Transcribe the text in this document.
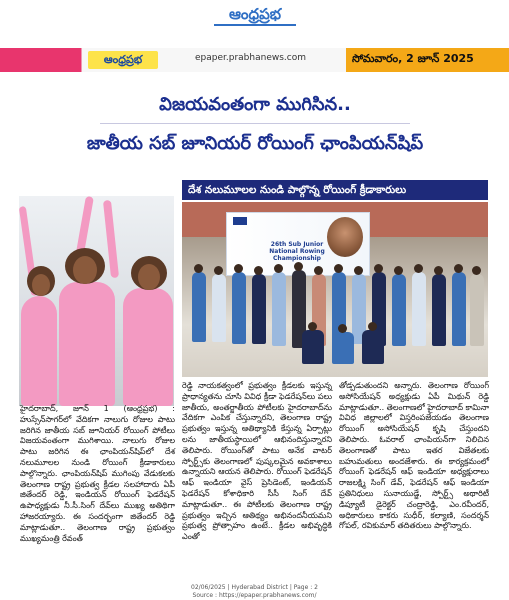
ఆంధ్రప్రభ
ఆంధ్రప్రభ	epaper.prabhanews.com	సోమవారం, 2 జూన్ 2025
విజయవంతంగా ముగిసిన..
జాతీయ సబ్ జూనియర్ రోయింగ్ ఛాంపియన్‌షిప్
దేశ నలుమూలల నుండి పాల్గొన్న రోయింగ్ క్రీడాకారులు
26th Sub Junior National Rowing Championship
హైదరాబాద్, జూన్ 1 (ఆంధ్రప్రభ) : హుస్సేన్‌సాగర్‌లో వేదికగా నాలుగు రోజుల పాటు జరిగిన జాతీయ సబ్ జూనియర్ రోయింగ్ పోటీలు విజయవంతంగా ముగిశాయి. నాలుగు రోజుల పాటు జరిగిన ఈ ఛాంపియన్‌షిప్‌లో దేశ నలుమూలల నుండి రోయింగ్ క్రీడాకారులు పాల్గొన్నారు. ఛాంపియన్‌షిప్ ముగింపు వేడుకలకు తెలంగాణ రాష్ట్ర ప్రభుత్వ క్రీడల సలహాదారు ఏపీ జితేందర్ రెడ్డి, ఇండియన్ రోయింగ్ ఫెడరేషన్ ఉపాధ్యక్షుడు నీ.సీ.సింగ్ దేవ్‌లు ముఖ్య అతిథిగా హాజరయ్యారు. ఈ సందర్భంగా జితేందర్ రెడ్డి మాట్లాడుతూ.. తెలంగాణ రాష్ట్ర ప్రభుత్వం ముఖ్యమంత్రి రేవంత్
రెడ్డి నాయకత్వంలో ప్రభుత్వం క్రీడలకు ఇస్తున్న ప్రాధాన్యతను చూసి వివిధ క్రీడా ఫెడరేషన్‌లు పలు జాతీయ, అంతర్జాతీయ పోటీలకు హైదరాబాద్‌ను వేదికగా ఎంపిక చేస్తున్నారని, తెలంగాణ రాష్ట్ర ప్రభుత్వం ఇస్తున్న ఆతిథ్యానికి కేస్తున్న ఏర్పాట్లు లను జాతీయస్థాయిలో ఆభినందిస్తున్నారని తెలిపారు. రోయింగ్‌తో పాటు అనేక వాటర్ స్పోర్ట్స్‌కు తెలంగాణలో పుష్కలమైన అవకాశాలు ఉన్నాయని ఆయన తెలిపారు. రోయింగ్ ఫెడరేషన్ ఆఫ్ ఇండియా వైస్ ప్రెసిడెంట్, ఇండియన్ ఫెడరేషన్ కోశాధికారి సీసీ సింగ్ దేవ్ మాట్లాడుతూ.. ఈ పోటీలకు తెలంగాణ రాష్ట్ర ప్రభుత్వం ఇచ్చిన ఆతిథ్యం అభినందనీయమని ప్రభుత్వ ప్రోత్సాహం ఉంటే.. క్రీడల అభివృద్ధికి ఎంతో
తోడ్పడుతుందని అన్నారు. తెలంగాణ రోయింగ్ అసోసియేషన్ అధ్యక్షుడు ఏపీ మిథున్ రెడ్డి మాట్లాడుతూ.. తెలంగాణలో హైదరాబాద్ కామినా వివిధ జిల్లాలలో విస్తరింపజేయడం తెలంగాణ రోయింగ్ అసోసియేషన్ కృషి చేస్తుందని తెలిపారు. ఓవరాల్ ఛాంపియన్‌గా నిలిచిన తెలంగాణతో పాటు ఇతర విజేతలకు బహుమతులు అందజేశారు. ఈ కార్యక్రమంలో రోయింగ్ ఫెడరేషన్ ఆఫ్ ఇండియా అధ్యక్షురాలు రాజలక్ష్మి సింగ్ డేవ్, ఫెడరేషన్ ఆఫ్ ఇండియా ప్రతినిధులు సునాయుడ్జే, స్పోర్ట్స్ అథారిటీ డిప్యూటీ డైరెక్టర్ చంద్రారెడ్డి, ఎం.రవీందర్, అధికారులు కాకరు సుధీర్, కల్యాణి, సందర్శన్ గోపల్, రవికుమార్ తదితరులు పాల్గొన్నారు.
02/06/2025 | Hyderabad District | Page : 2
Source : https://epaper.prabhanews.com/
